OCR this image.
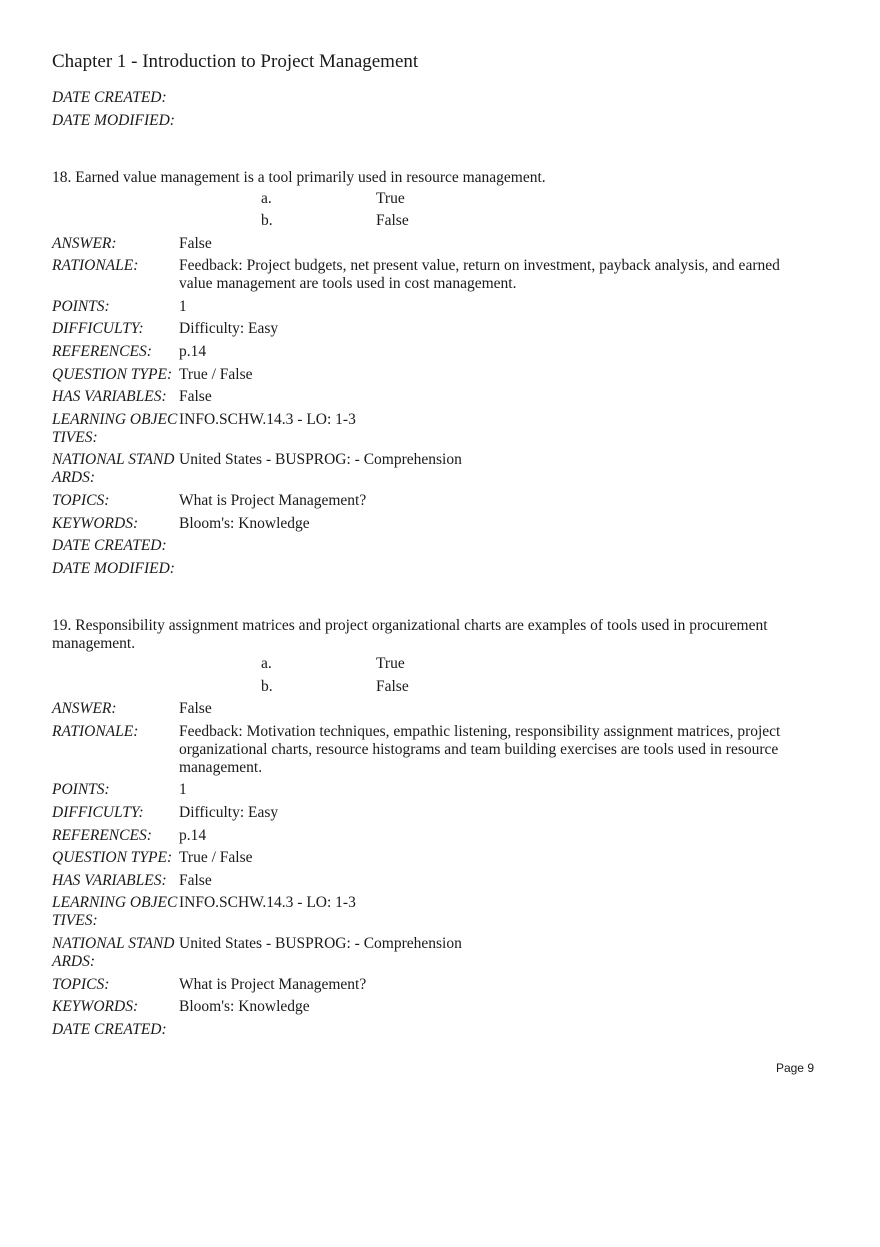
Chapter 1 - Introduction to Project Management
DATE CREATED:
DATE MODIFIED:
18. Earned value management is a tool primarily used in resource management.
a.	True
b.	False
ANSWER:	False
RATIONALE:	Feedback: Project budgets, net present value, return on investment, payback analysis, and earned value management are tools used in cost management.
POINTS:	1
DIFFICULTY:	Difficulty: Easy
REFERENCES:	p.14
QUESTION TYPE: True / False
HAS VARIABLES: False
LEARNING OBJECTIVES:
INFO.SCHW.14.3 - LO: 1-3
NATIONAL STANDARDS:
United States - BUSPROG: - Comprehension
TOPICS:	What is Project Management?
KEYWORDS:	Bloom's: Knowledge
DATE CREATED:
DATE MODIFIED:
19. Responsibility assignment matrices and project organizational charts are examples of tools used in procurement management.
a.	True
b.	False
ANSWER:	False
RATIONALE:	Feedback: Motivation techniques, empathic listening, responsibility assignment matrices, project organizational charts, resource histograms and team building exercises are tools used in resource management.
POINTS:	1
DIFFICULTY:	Difficulty: Easy
REFERENCES:	p.14
QUESTION TYPE: True / False
HAS VARIABLES: False
LEARNING OBJECTIVES:
INFO.SCHW.14.3 - LO: 1-3
NATIONAL STANDARDS:
United States - BUSPROG: - Comprehension
TOPICS:	What is Project Management?
KEYWORDS:	Bloom's: Knowledge
DATE CREATED:
Page 9
